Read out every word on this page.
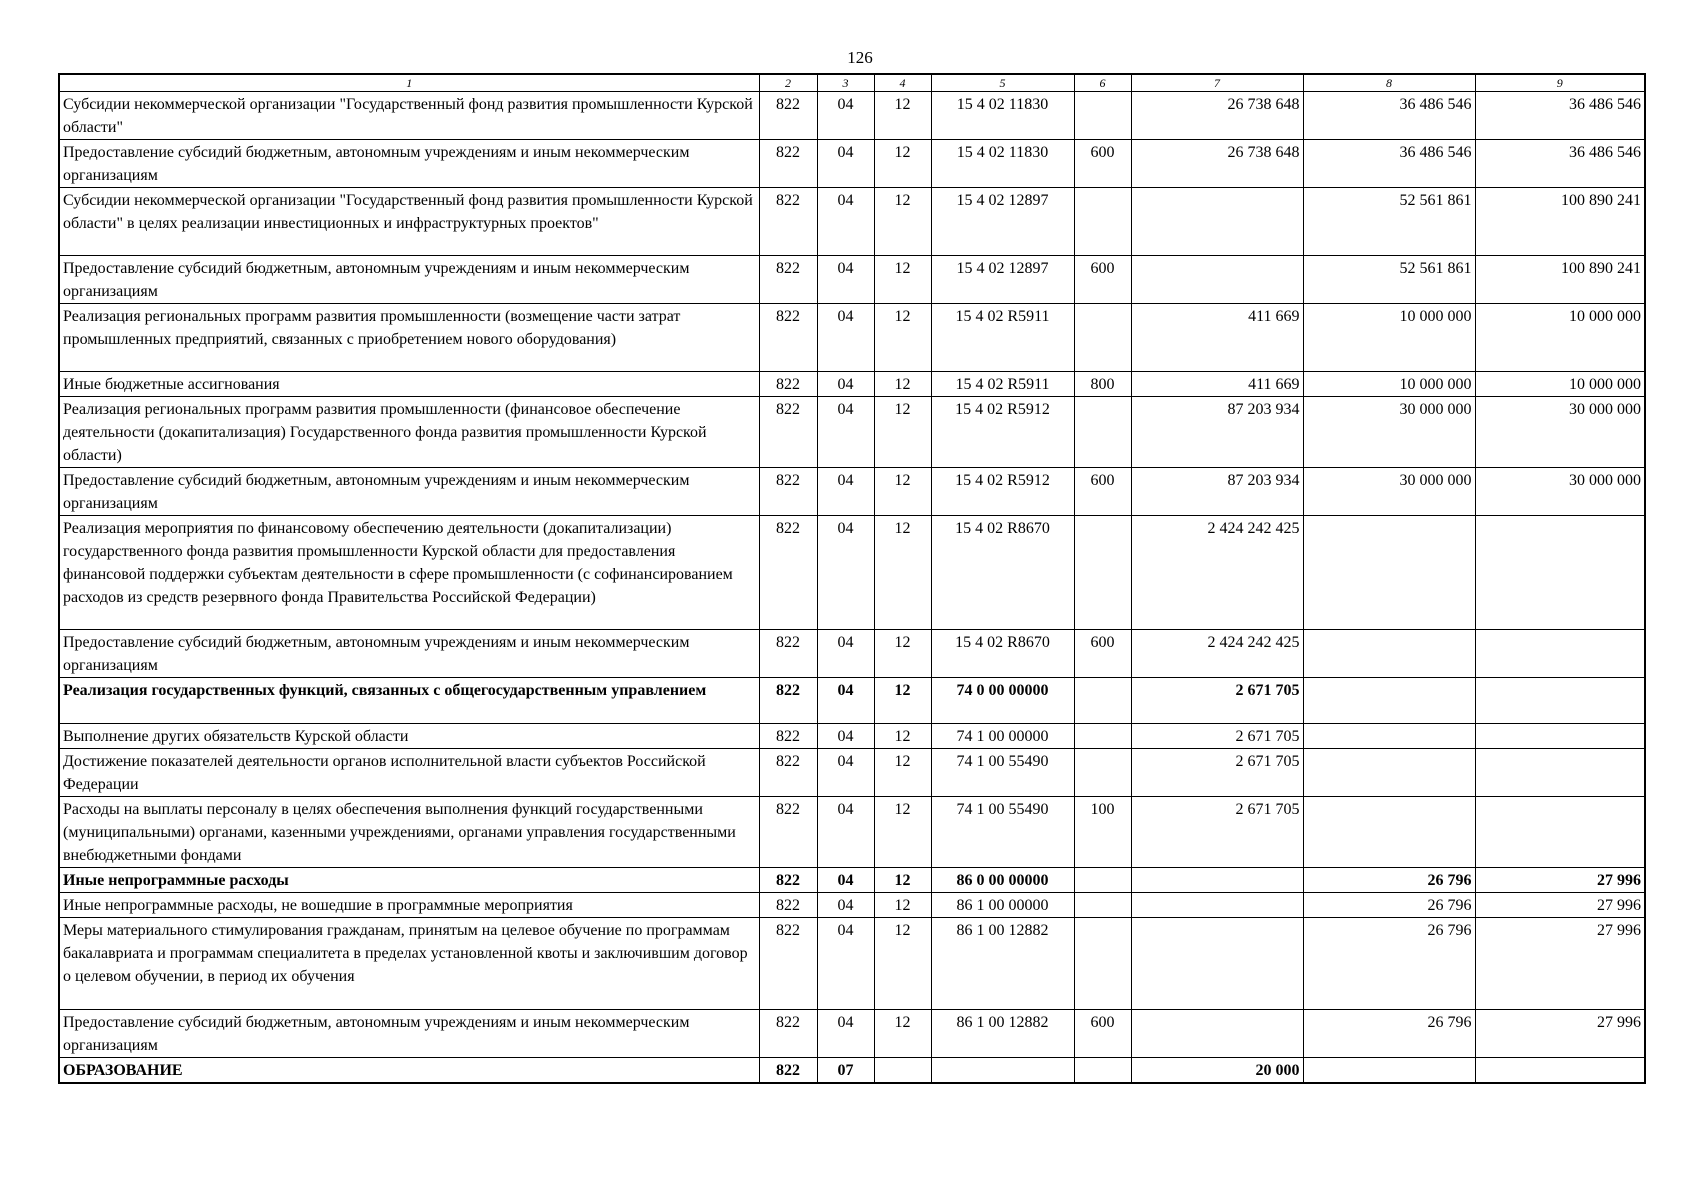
126
1	2	3	4	5	6	7	8	9
Субсидии некоммерческой организации "Государственный фонд развития промышленности Курской области"	822	04	12	15 4 02 11830		26 738 648	36 486 546	36 486 546
Предоставление субсидий бюджетным, автономным учреждениям и иным некоммерческим организациям	822	04	12	15 4 02 11830	600	26 738 648	36 486 546	36 486 546
Субсидии некоммерческой организации "Государственный фонд развития промышленности Курской области" в целях реализации инвестиционных и инфраструктурных проектов"	822	04	12	15 4 02 12897			52 561 861	100 890 241
Предоставление субсидий бюджетным, автономным учреждениям и иным некоммерческим организациям	822	04	12	15 4 02 12897	600		52 561 861	100 890 241
Реализация региональных программ развития промышленности (возмещение части затрат промышленных предприятий, связанных с приобретением нового оборудования)	822	04	12	15 4 02 R5911		411 669	10 000 000	10 000 000
Иные бюджетные ассигнования	822	04	12	15 4 02 R5911	800	411 669	10 000 000	10 000 000
Реализация региональных программ развития промышленности (финансовое обеспечение деятельности (докапитализация) Государственного фонда развития промышленности Курской области)	822	04	12	15 4 02 R5912		87 203 934	30 000 000	30 000 000
Предоставление субсидий бюджетным, автономным учреждениям и иным некоммерческим организациям	822	04	12	15 4 02 R5912	600	87 203 934	30 000 000	30 000 000
Реализация мероприятия по финансовому обеспечению деятельности (докапитализации) государственного фонда развития промышленности Курской области для предоставления финансовой поддержки субъектам деятельности в сфере промышленности (с софинансированием расходов из средств резервного фонда Правительства Российской Федерации)	822	04	12	15 4 02 R8670		2 424 242 425		
Предоставление субсидий бюджетным, автономным учреждениям и иным некоммерческим организациям	822	04	12	15 4 02 R8670	600	2 424 242 425		
Реализация государственных функций, связанных с общегосударственным управлением	822	04	12	74 0 00 00000		2 671 705		
Выполнение других обязательств Курской области	822	04	12	74 1 00 00000		2 671 705		
Достижение показателей деятельности органов исполнительной власти субъектов Российской Федерации	822	04	12	74 1 00 55490		2 671 705		
Расходы на выплаты персоналу в целях обеспечения выполнения функций государственными (муниципальными) органами, казенными учреждениями, органами управления государственными внебюджетными фондами	822	04	12	74 1 00 55490	100	2 671 705		
Иные непрограммные расходы	822	04	12	86 0 00 00000			26 796	27 996
Иные непрограммные расходы, не вошедшие в программные мероприятия	822	04	12	86 1 00 00000			26 796	27 996
Меры материального стимулирования гражданам, принятым на целевое обучение по программам бакалавриата и программам специалитета в пределах установленной квоты и заключившим договор о целевом обучении, в период их обучения	822	04	12	86 1 00 12882			26 796	27 996
Предоставление субсидий бюджетным, автономным учреждениям и иным некоммерческим организациям	822	04	12	86 1 00 12882	600		26 796	27 996
ОБРАЗОВАНИЕ	822	07				20 000		
